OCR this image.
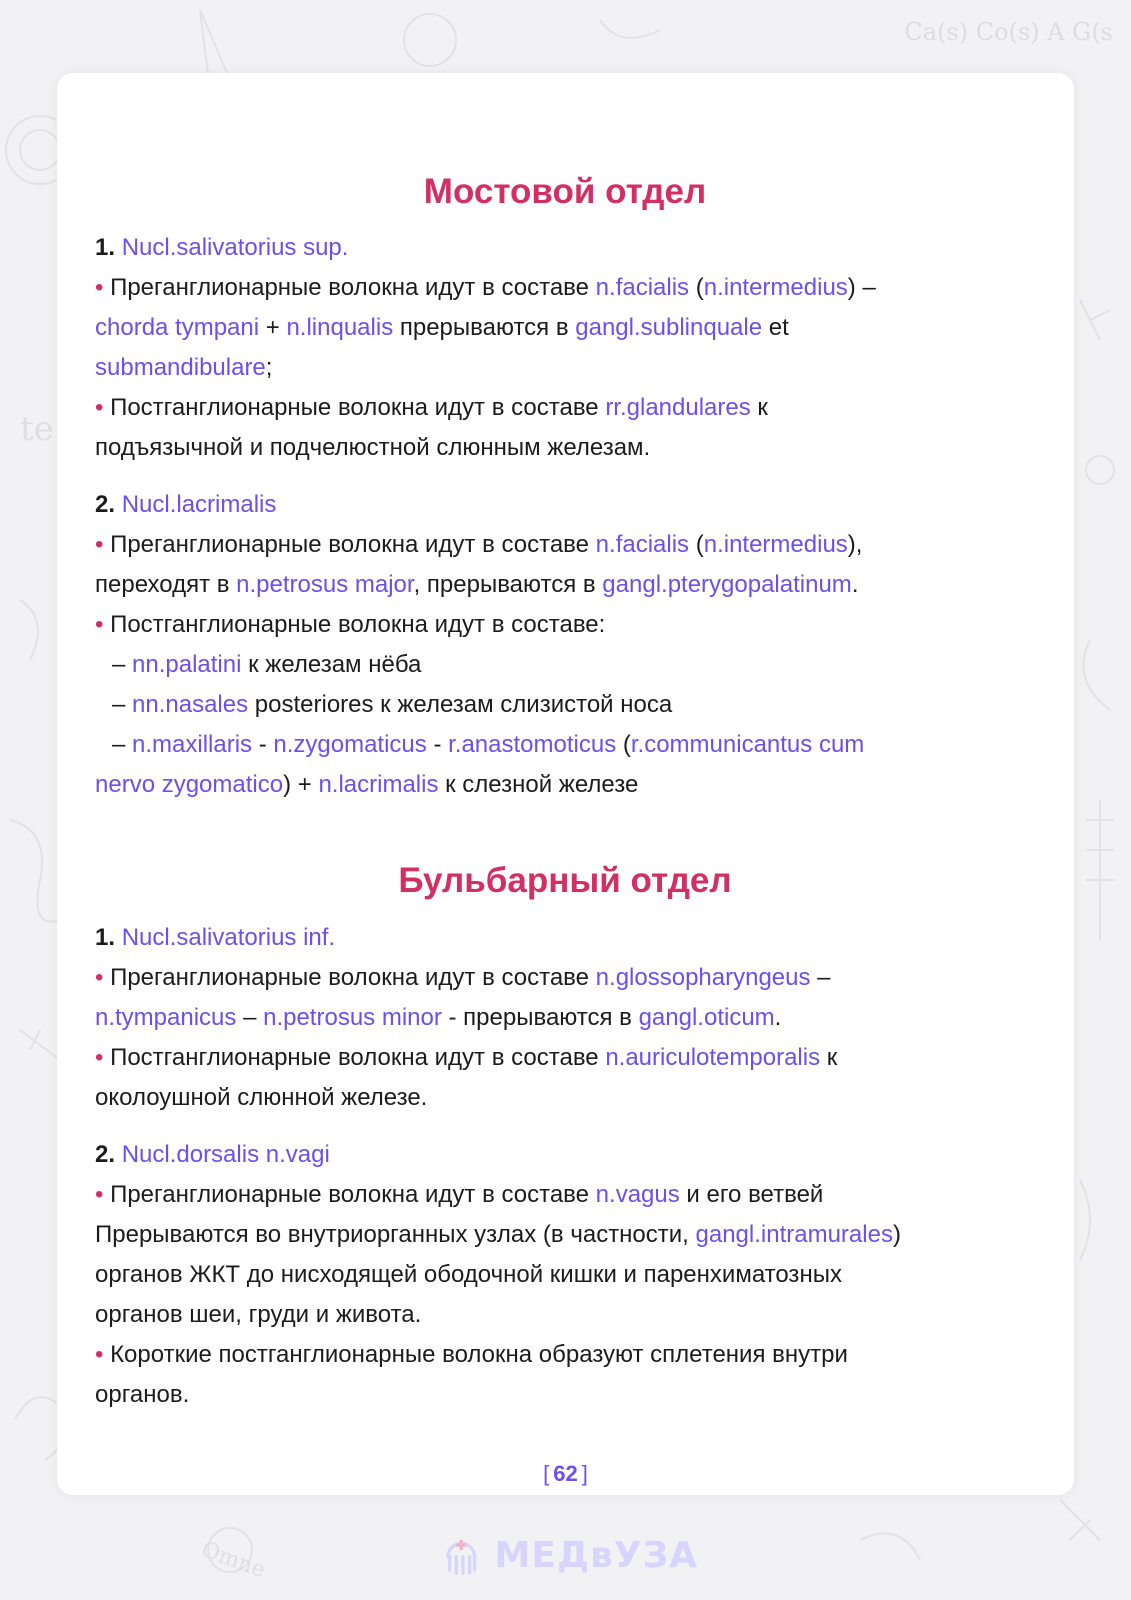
te
Omne
Ca(s) Co(s) A G(s
Мостовой отдел
1. Nucl.salivatorius sup.
• Преганглионарные волокна идут в составе n.facialis (n.intermedius) –
chorda tympani + n.linqualis прерываются в gangl.sublinquale et
submandibulare;
• Постганглионарные волокна идут в составе rr.glandulares к
подъязычной и подчелюстной слюнным железам.
2. Nucl.lacrimalis
• Преганглионарные волокна идут в составе n.facialis (n.intermedius),
переходят в n.petrosus major, прерываются в gangl.pterygopalatinum.
• Постганглионарные волокна идут в составе:
– nn.palatini к железам нёба
– nn.nasales posteriores к железам слизистой носа
– n.maxillaris - n.zygomaticus - r.anastomoticus (r.communicantus cum
nervo zygomatico) + n.lacrimalis к слезной железе
Бульбарный отдел
1. Nucl.salivatorius inf.
• Преганглионарные волокна идут в составе n.glossopharyngeus –
n.tympanicus – n.petrosus minor - прерываются в gangl.oticum.
• Постганглионарные волокна идут в составе n.auriculotemporalis к
околоушной слюнной железе.
2. Nucl.dorsalis n.vagi
• Преганглионарные волокна идут в составе n.vagus и его ветвей
Прерываются во внутриорганных узлах (в частности, gangl.intramurales)
органов ЖКТ до нисходящей ободочной кишки и паренхиматозных
органов шеи, груди и живота.
• Короткие постганглионарные волокна образуют сплетения внутри
органов.
[ 62 ]
МЕДвУЗА
